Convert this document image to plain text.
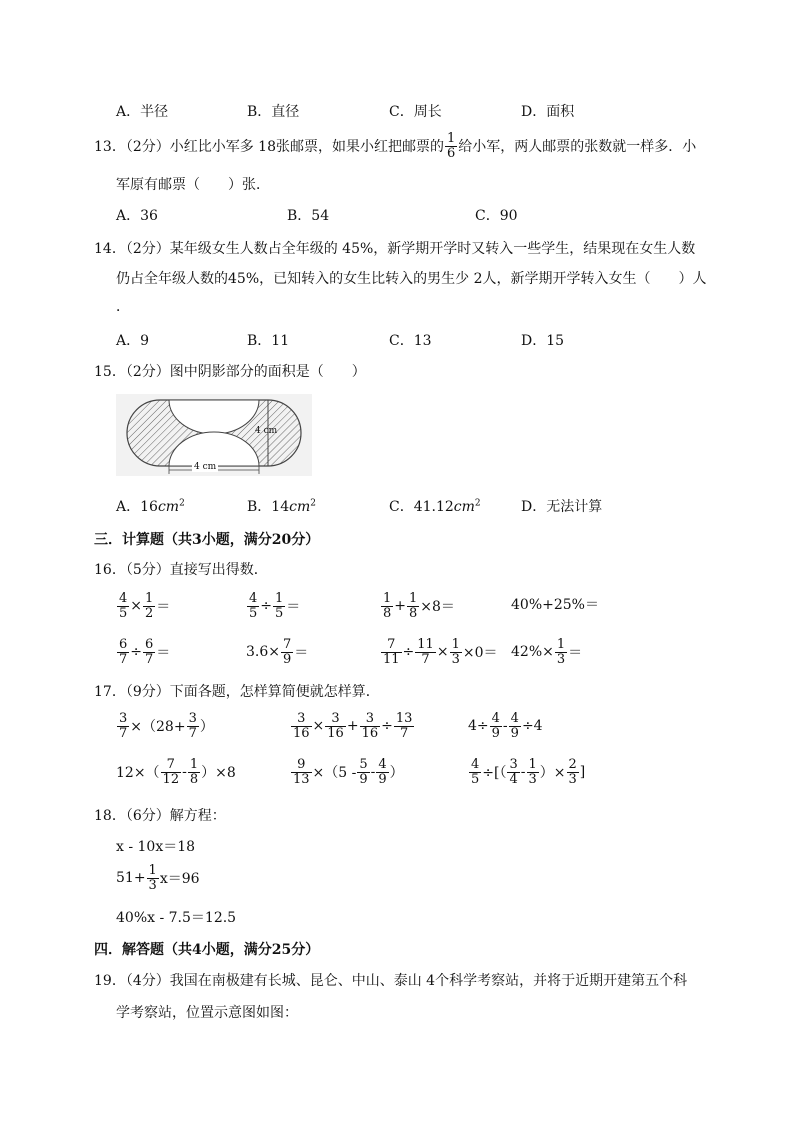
A．半径	B．直径	C．周长	D．面积
13．（2分）小红比小军多 18张邮票，如果小红把邮票的 $\frac{1}{6}$ 给小军，两人邮票的张数就一样多．小
军原有邮票（　　）张．
A．36	B．54	C．90
14．（2分）某年级女生人数占全年级的 45%，新学期开学时又转入一些学生，结果现在女生人数
仍占全年级人数的45%，已知转入的女生比转入的男生少 2人，新学期开学转入女生（　　）人
．
A．9	B．11	C．13	D．15
15．（2分）图中阴影部分的面积是（　　）
4 cm
4 cm
A．$16cm^2$	B．$14cm^2$	C．$41.12cm^2$	D．无法计算
三．计算题（共3小题，满分20分）
16．（5分）直接写出得数．
$\frac{4}{5} \times \frac{1}{2}$ ＝	$\frac{4}{5} \div \frac{1}{5}$ ＝	$\frac{1}{8} + \frac{1}{8} \times 8=$	40%+25%＝
$\frac{6}{7} \div \frac{6}{7}$ ＝	$3.6\times \frac{7}{9}$ ＝	$\frac{7}{11} \div \frac{11}{7} \times \frac{1}{3} \times 0= 42\%\times \frac{1}{3}$ ＝
17．（9分）下面各题，怎样算简便就怎样算．
$\frac{3}{7} \times(28+ \frac{3}{7}$ ）	$\frac{3}{16} \times \frac{3}{16} + \frac{3}{16} \div \frac{13}{7}$	$4\div \frac{4}{9} - \frac{4}{9} \div 4$
$12\times( \frac{7}{12} - \frac{1}{8} )\times 8$	$\frac{9}{13} \times(5 - \frac{5}{9} - \frac{4}{9}$ ）	$\frac{4}{5}$ ÷[（ $\frac{3}{4} - \frac{1}{3}$ ）× $\frac{2}{3}$ ]
18．（6分）解方程：
x - 10x＝18
$51+ \frac{1}{3} x=96$
40%x - 7.5＝12.5
四．解答题（共4小题，满分25分）
19．（4分）我国在南极建有长城、昆仑、中山、泰山 4个科学考察站，并将于近期开建第五个科
学考察站，位置示意图如图：
